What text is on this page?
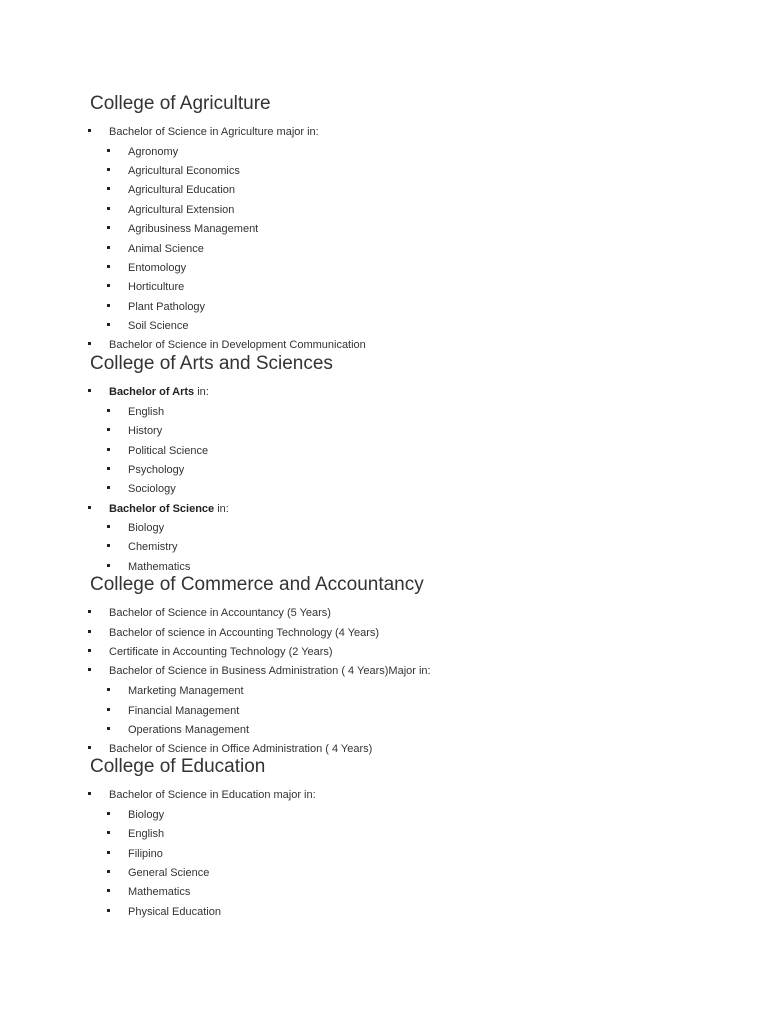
College of Agriculture
Bachelor of Science in Agriculture major in:
Agronomy
Agricultural Economics
Agricultural Education
Agricultural Extension
Agribusiness Management
Animal Science
Entomology
Horticulture
Plant Pathology
Soil Science
Bachelor of Science in Development Communication
College of Arts and Sciences
Bachelor of Arts in:
English
History
Political Science
Psychology
Sociology
Bachelor of Science in:
Biology
Chemistry
Mathematics
College of Commerce and Accountancy
Bachelor of Science in Accountancy (5 Years)
Bachelor of science in Accounting Technology (4 Years)
Certificate in Accounting Technology (2 Years)
Bachelor of Science in Business Administration ( 4 Years)Major in:
Marketing Management
Financial Management
Operations Management
Bachelor of Science in Office Administration ( 4 Years)
College of Education
Bachelor of Science in Education major in:
Biology
English
Filipino
General Science
Mathematics
Physical Education
